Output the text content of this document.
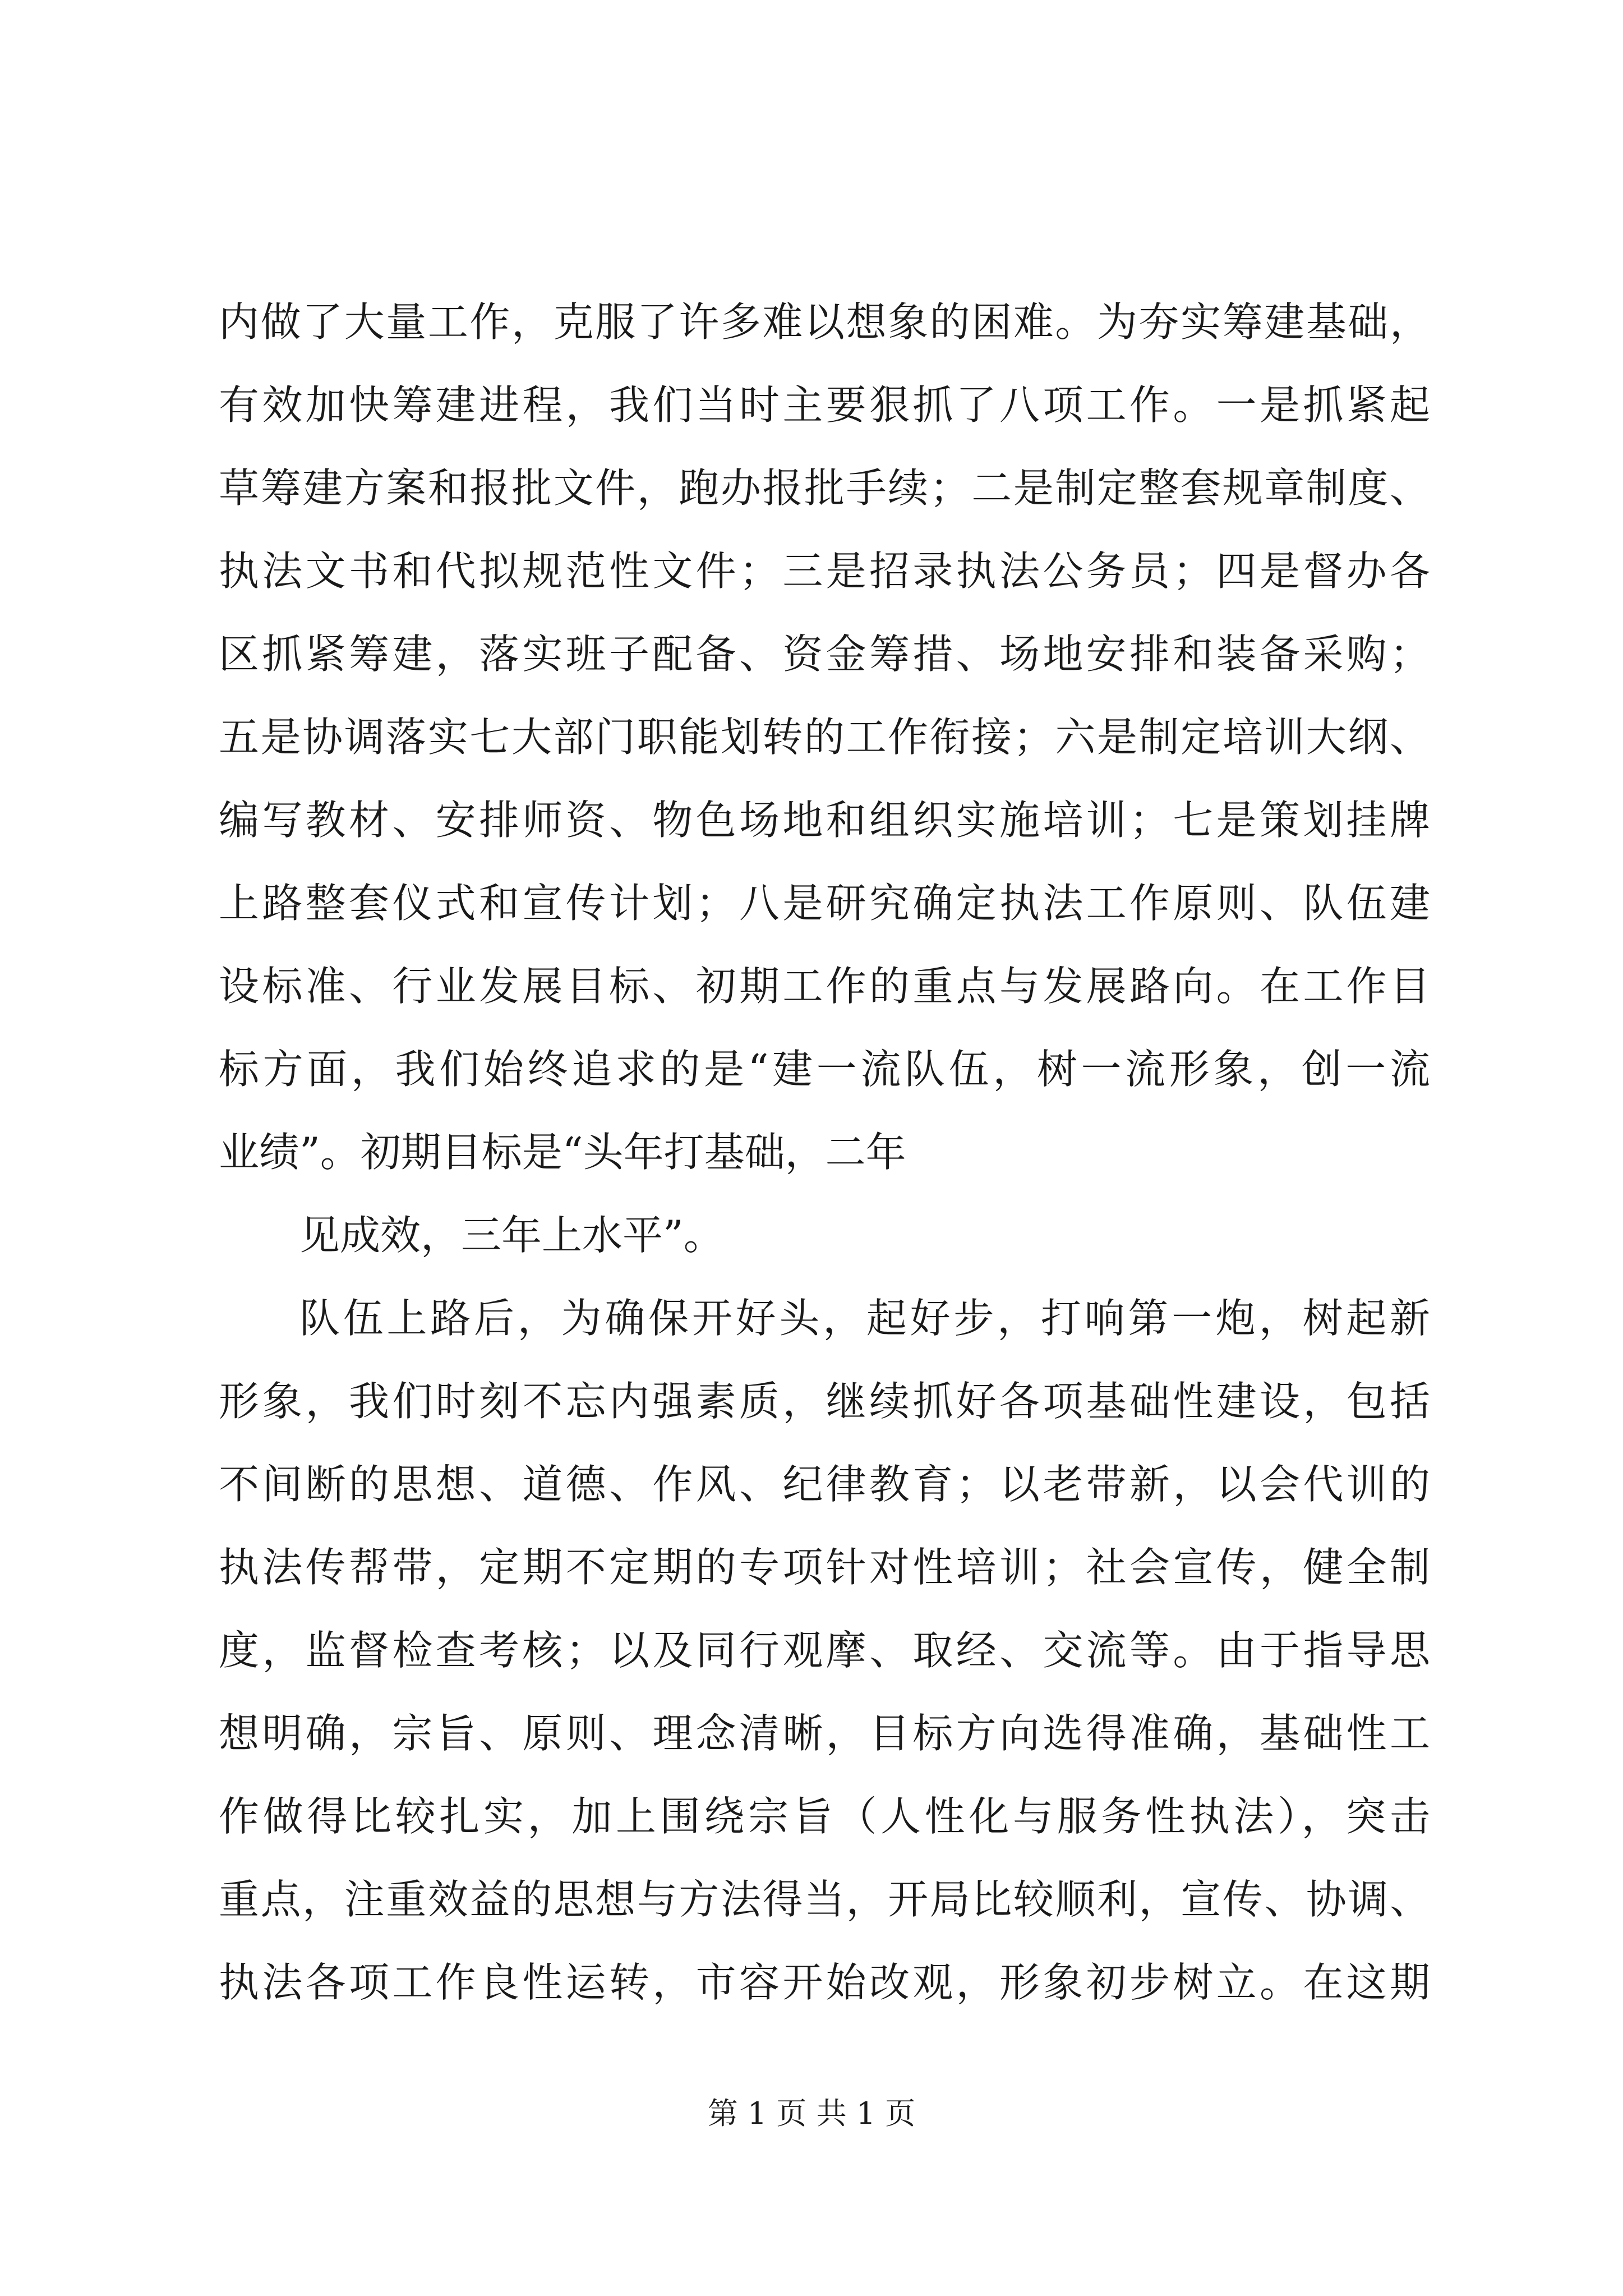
内做了大量工作，克服了许多难以想象的困难。为夯实筹建基础，
有效加快筹建进程，我们当时主要狠抓了八项工作。一是抓紧起
草筹建方案和报批文件，跑办报批手续；二是制定整套规章制度、
执法文书和代拟规范性文件；三是招录执法公务员；四是督办各
区抓紧筹建，落实班子配备、资金筹措、场地安排和装备采购；
五是协调落实七大部门职能划转的工作衔接；六是制定培训大纲、
编写教材、安排师资、物色场地和组织实施培训；七是策划挂牌
上路整套仪式和宣传计划；八是研究确定执法工作原则、队伍建
设标准、行业发展目标、初期工作的重点与发展路向。在工作目
标方面，我们始终追求的是“建一流队伍，树一流形象，创一流
业绩”。初期目标是“头年打基础，二年
见成效，三年上水平”。
队伍上路后，为确保开好头，起好步，打响第一炮，树起新
形象，我们时刻不忘内强素质，继续抓好各项基础性建设，包括
不间断的思想、道德、作风、纪律教育；以老带新，以会代训的
执法传帮带，定期不定期的专项针对性培训；社会宣传，健全制
度，监督检查考核；以及同行观摩、取经、交流等。由于指导思
想明确，宗旨、原则、理念清晰，目标方向选得准确，基础性工
作做得比较扎实，加上围绕宗旨（人性化与服务性执法），突击
重点，注重效益的思想与方法得当，开局比较顺利，宣传、协调、
执法各项工作良性运转，市容开始改观，形象初步树立。在这期
第 1 页 共 1 页
